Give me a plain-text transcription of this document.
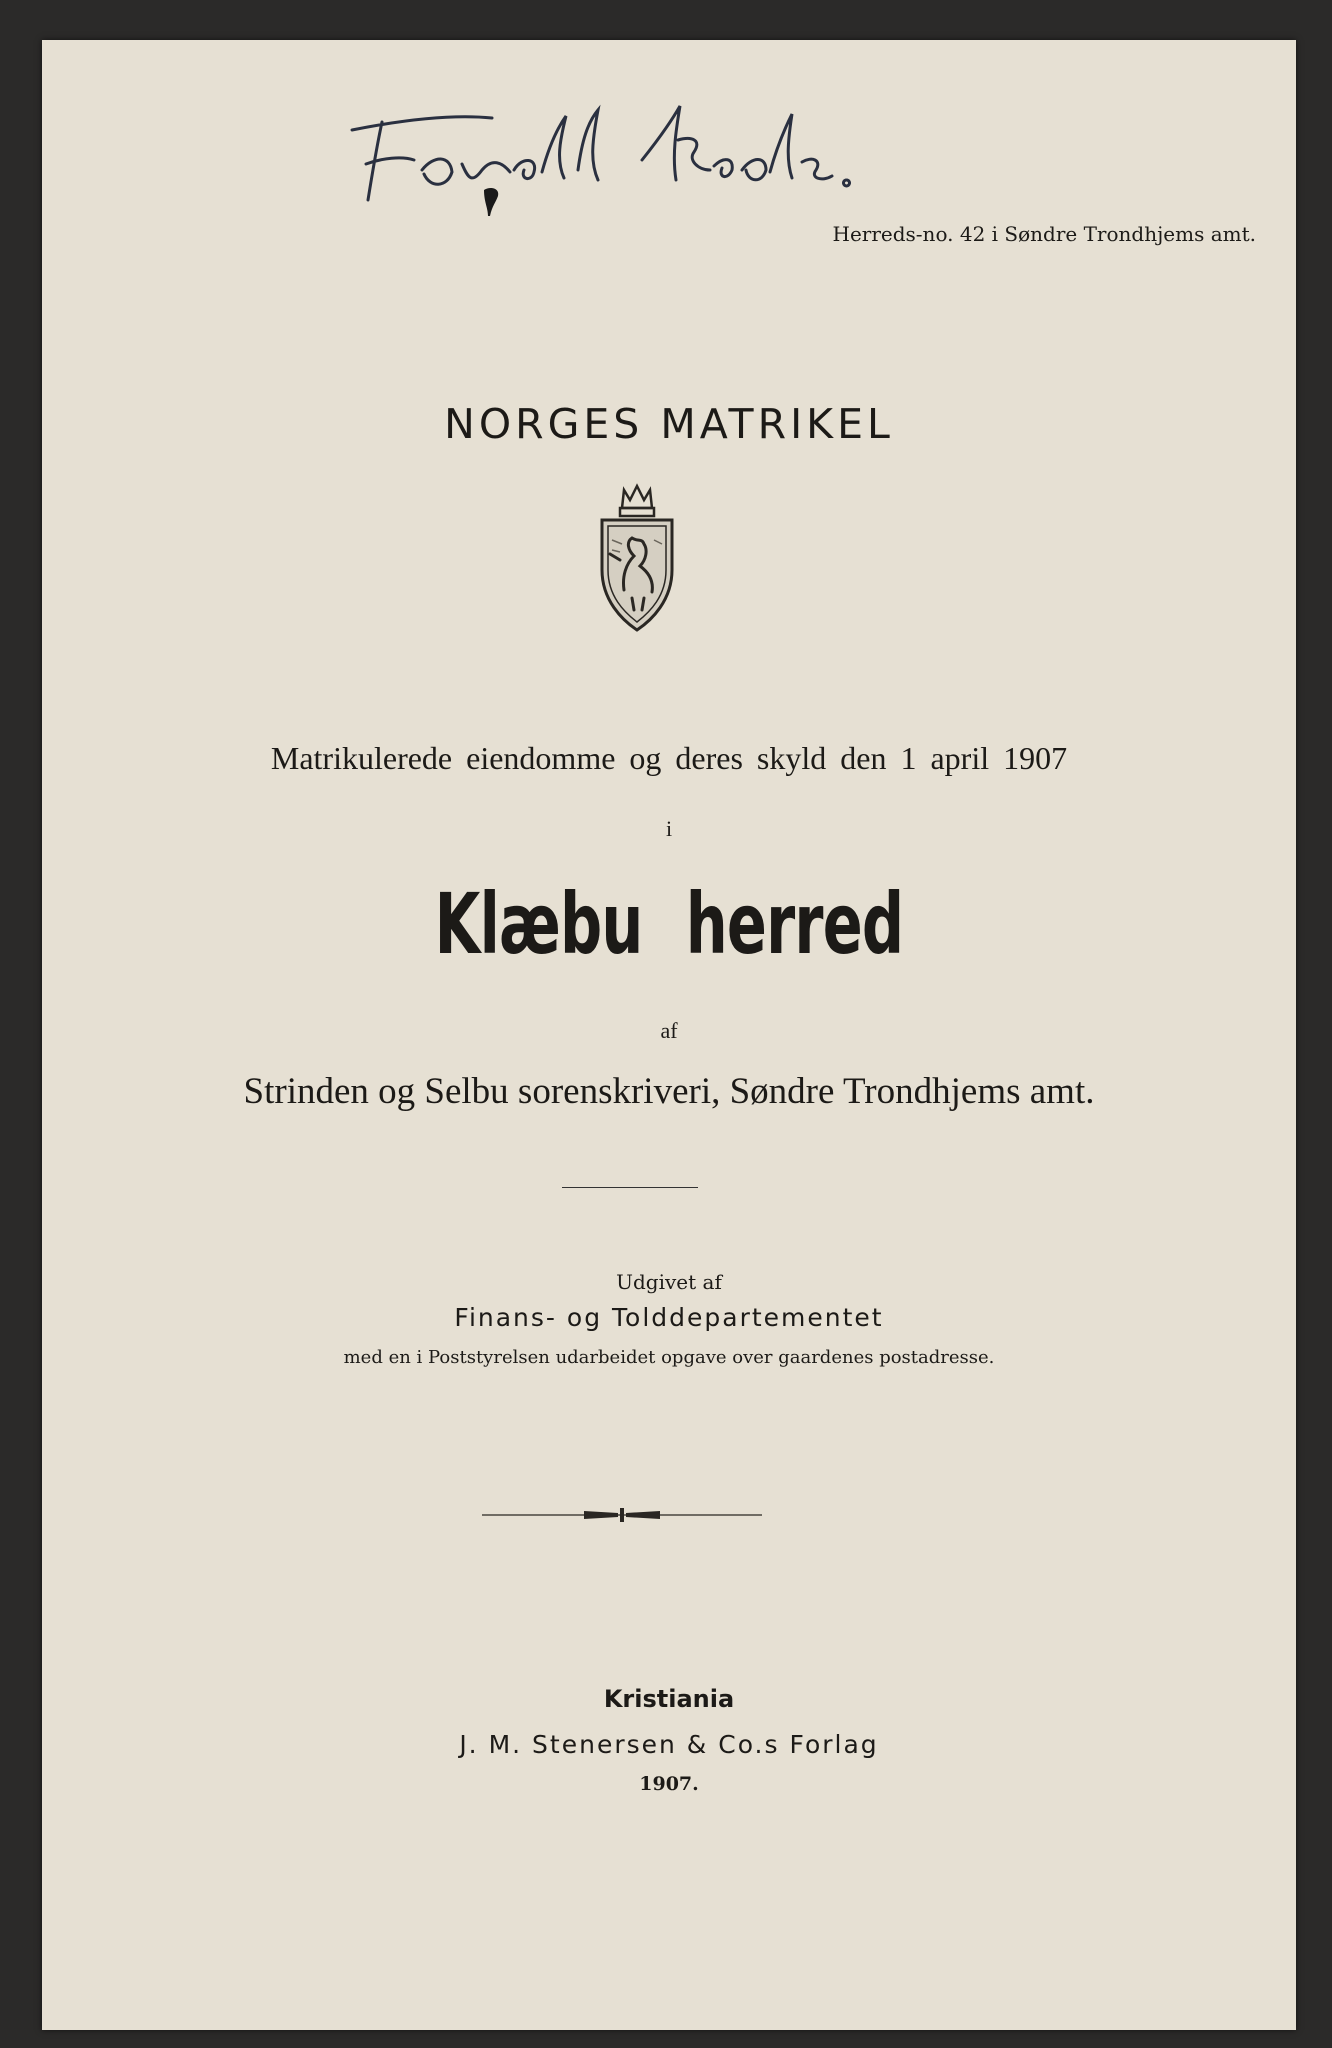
Herreds-no. 42 i Søndre Trondhjems amt.
NORGES MATRIKEL
Matrikulerede eiendomme og deres skyld den 1 april 1907
i
Klæbu herred
af
Strinden og Selbu sorenskriveri, Søndre Trondhjems amt.
Udgivet af
Finans- og Tolddepartementet
med en i Poststyrelsen udarbeidet opgave over gaardenes postadresse.
Kristiania
J. M. Stenersen & Co.s Forlag
1907.
